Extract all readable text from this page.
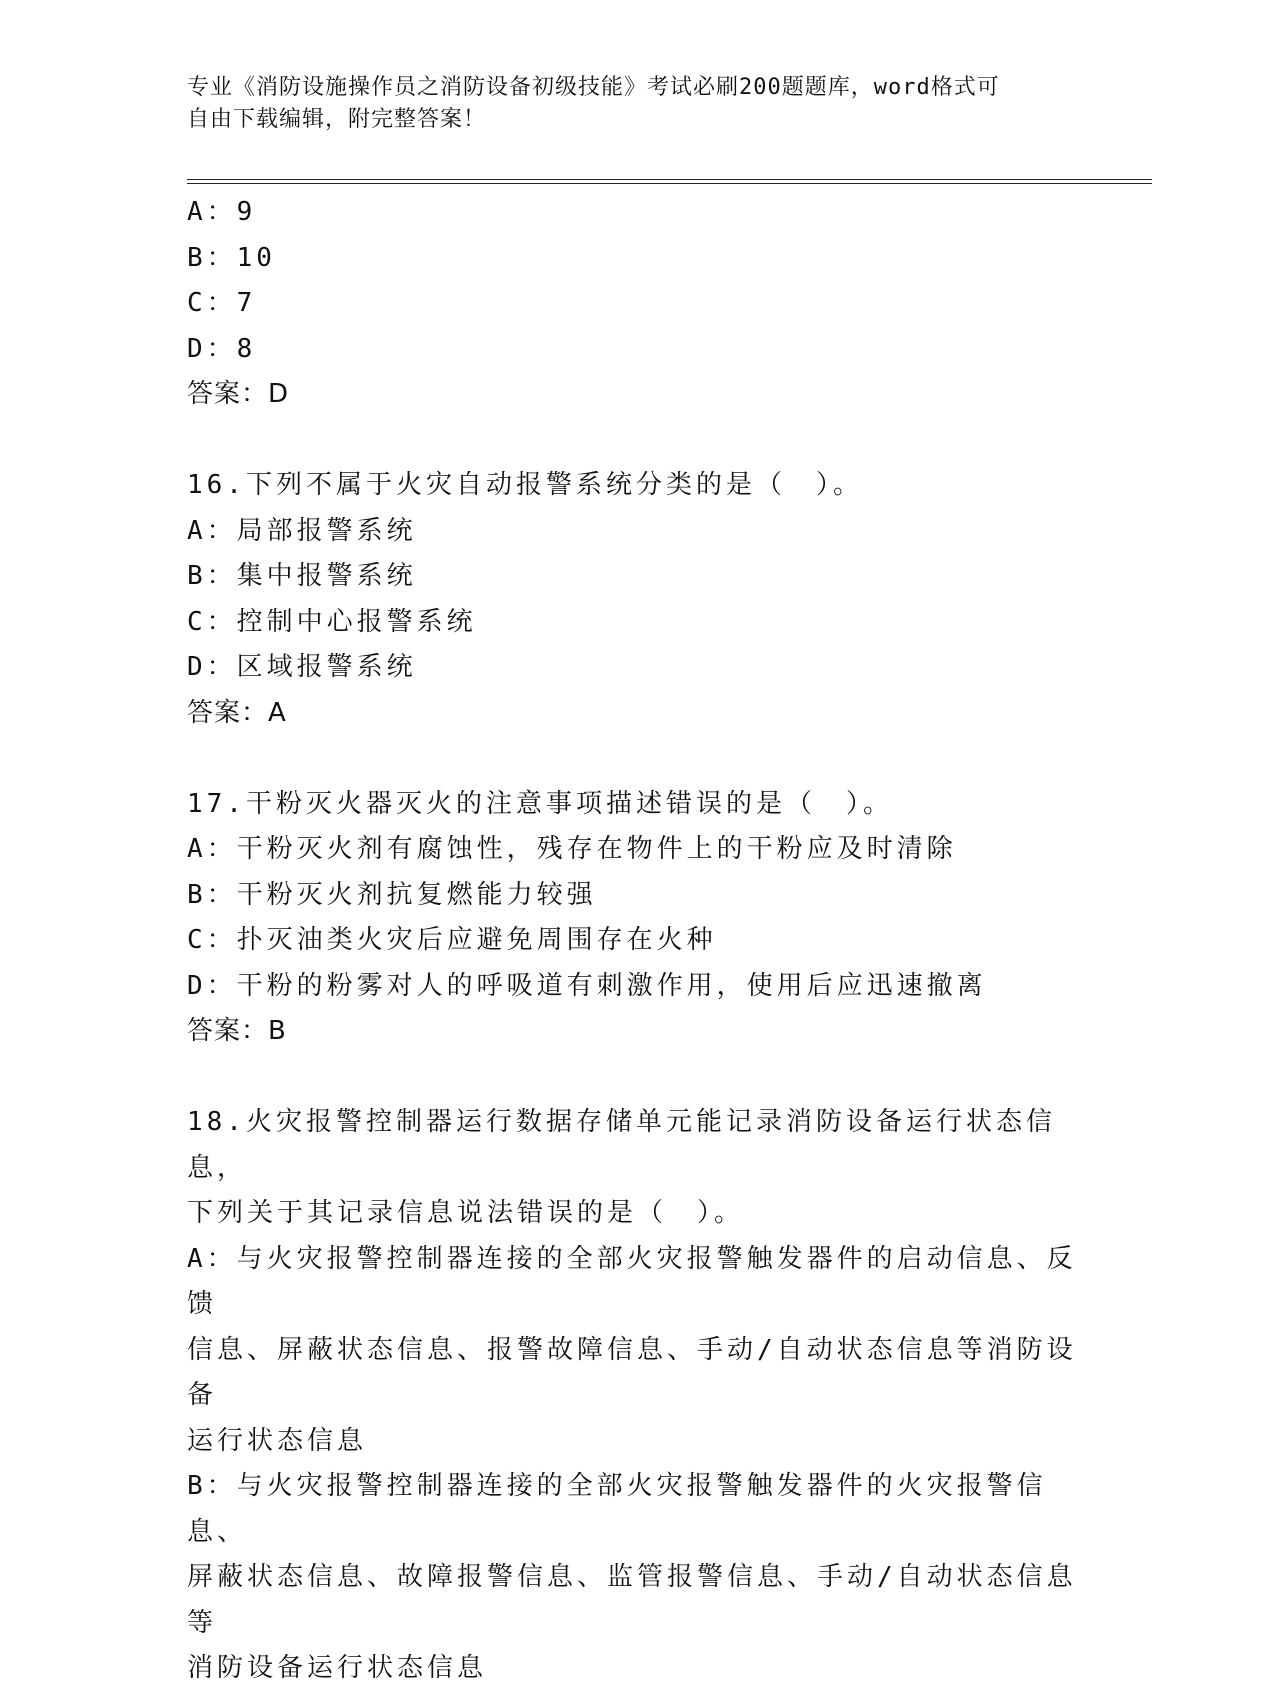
专业《消防设施操作员之消防设备初级技能》考试必刷200题题库，word格式可
自由下载编辑，附完整答案！
A：9
B：10
C：7
D：8
答案：D
16.下列不属于火灾自动报警系统分类的是（　）。
A：局部报警系统
B：集中报警系统
C：控制中心报警系统
D：区域报警系统
答案：A
17.干粉灭火器灭火的注意事项描述错误的是（　）。
A：干粉灭火剂有腐蚀性，残存在物件上的干粉应及时清除
B：干粉灭火剂抗复燃能力较强
C：扑灭油类火灾后应避免周围存在火种
D：干粉的粉雾对人的呼吸道有刺激作用，使用后应迅速撤离
答案：B
18.火灾报警控制器运行数据存储单元能记录消防设备运行状态信息，
下列关于其记录信息说法错误的是（　）。
A：与火灾报警控制器连接的全部火灾报警触发器件的启动信息、反馈
信息、屏蔽状态信息、报警故障信息、手动/自动状态信息等消防设备
运行状态信息
B：与火灾报警控制器连接的全部火灾报警触发器件的火灾报警信息、
屏蔽状态信息、故障报警信息、监管报警信息、手动/自动状态信息等
消防设备运行状态信息
